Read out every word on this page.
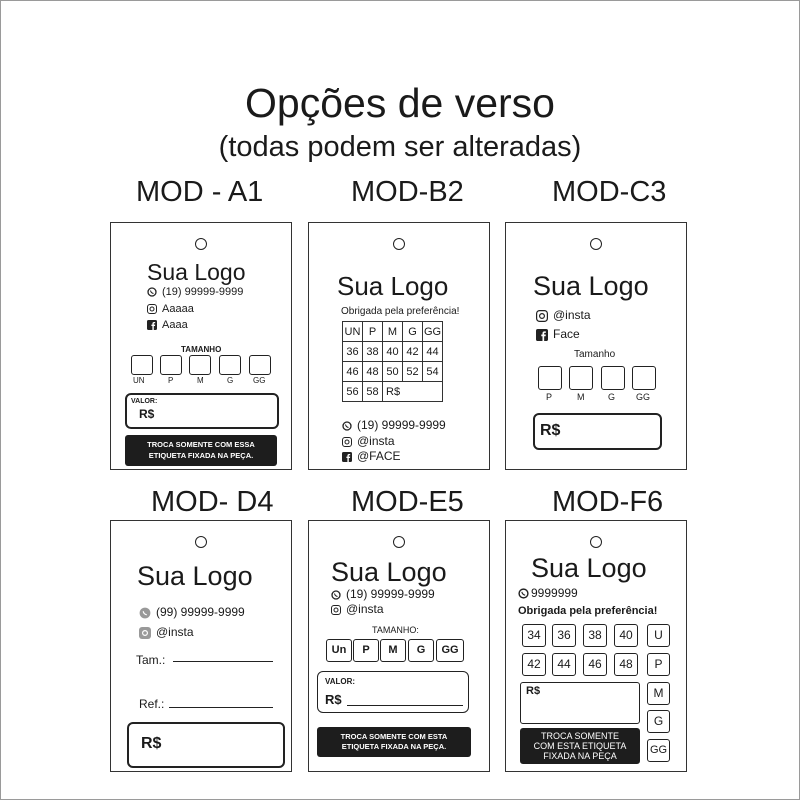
Opções de verso
(todas podem ser alteradas)
MOD - A1	MOD-B2	MOD-C3
MOD- D4	MOD-E5	MOD-F6
Sua Logo
(19) 99999-9999
Aaaaa
Aaaa
TAMANHO
UN	P	M	G GG
VALOR:
R$
TROCA SOMENTE COM ESSA
ETIQUETA FIXADA NA PEÇA.
Sua Logo
Obrigada pela preferência!
UN	P	M	G	GG
36	38	40	42	44
46	48	50	52	54
56	58	R$		
(19) 99999-9999
@insta
@FACE
Sua Logo
@insta
Face
Tamanho
P	M	G GG
R$
Sua Logo
(99) 99999-9999
@insta
Tam.:
Ref.:
R$
Sua Logo
(19) 99999-9999
@insta
TAMANHO:
Un	P	M	G	GG
VALOR:
R$
TROCA SOMENTE COM ESTA
ETIQUETA FIXADA NA PEÇA.
Sua Logo
9999999
Obrigada pela preferência!
34	36	38	40	U
42	44	46	48	P
M
G
GG
R$
TROCA SOMENTE
COM ESTA ETIQUETA
FIXADA NA PEÇA
